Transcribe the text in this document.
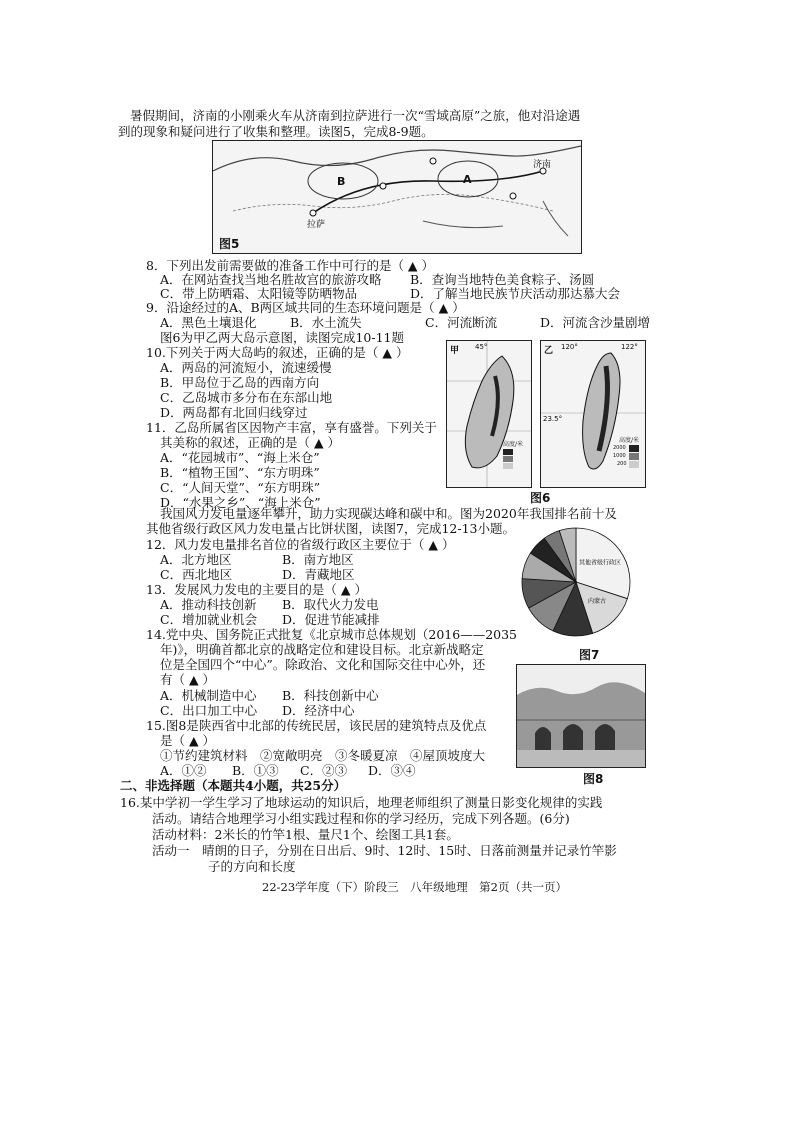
暑假期间，济南的小刚乘火车从济南到拉萨进行一次“雪域高原”之旅，他对沿途遇
到的现象和疑问进行了收集和整理。读图5，完成8-9题。
B	A
济南
拉萨
图5
8．下列出发前需要做的准备工作中可行的是（ ▲ ）
A．在网站查找当地名胜故宫的旅游攻略 B．查询当地特色美食粽子、汤圆
C．带上防晒霜、太阳镜等防晒物品	D．了解当地民族节庆活动那达慕大会
9．沿途经过的A、B两区域共同的生态环境问题是（ ▲ ）
A．黑色土壤退化	B．水土流失	C．河流断流	D．河流含沙量剧增
图6为甲乙两大岛示意图，读图完成10-11题
10.下列关于两大岛屿的叙述，正确的是（ ▲ ）
A．两岛的河流短小，流速缓慢
B．甲岛位于乙岛的西南方向
C．乙岛城市多分布在东部山地
D．两岛都有北回归线穿过
11．乙岛所属省区因物产丰富，享有盛誉。下列关于
其美称的叙述，正确的是（ ▲ ）
A．“花园城市”、“海上米仓”
B．“植物王国”、“东方明珠”
C．“人间天堂”、“东方明珠”
D．“水果之乡”、“海上米仓”
甲 45°
高度/米
乙 120°	122°
23.5°
高度/米
2000
1000
200
图6
我国风力发电量逐年攀升，助力实现碳达峰和碳中和。图为2020年我国排名前十及
其他省级行政区风力发电量占比饼状图，读图7，完成12-13小题。
12．风力发电量排名首位的省级行政区主要位于（ ▲ ）
A．北方地区	B．南方地区
C．西北地区	D．青藏地区
13．发展风力发电的主要目的是（ ▲ ）
A．推动科技创新 B．取代火力发电
C．增加就业机会 D．促进节能减排
其他省级行政区
内蒙古
图7
14.党中央、国务院正式批复《北京城市总体规划（2016——2035
年)》，明确首都北京的战略定位和建设目标。北京新战略定
位是全国四个“中心”。除政治、文化和国际交往中心外，还
有（ ▲ ）
A．机械制造中心 B．科技创新中心
C．出口加工中心 D．经济中心
15.图8是陕西省中北部的传统民居，该民居的建筑特点及优点
是（ ▲ ）
①节约建筑材料　②宽敞明亮　③冬暖夏凉　④屋顶坡度大
A．①② B．①③ C．②③ D．③④
图8
二、非选择题（本题共4小题，共25分）
16.某中学初一学生学习了地球运动的知识后，地理老师组织了测量日影变化规律的实践
活动。请结合地理学习小组实践过程和你的学习经历，完成下列各题。(6分)
活动材料：2米长的竹竿1根、量尺1个、绘图工具1套。
活动一　晴朗的日子，分别在日出后、9时、12时、15时、日落前测量并记录竹竿影
子的方向和长度
22-23学年度（下）阶段三　八年级地理　第2页（共一页）
